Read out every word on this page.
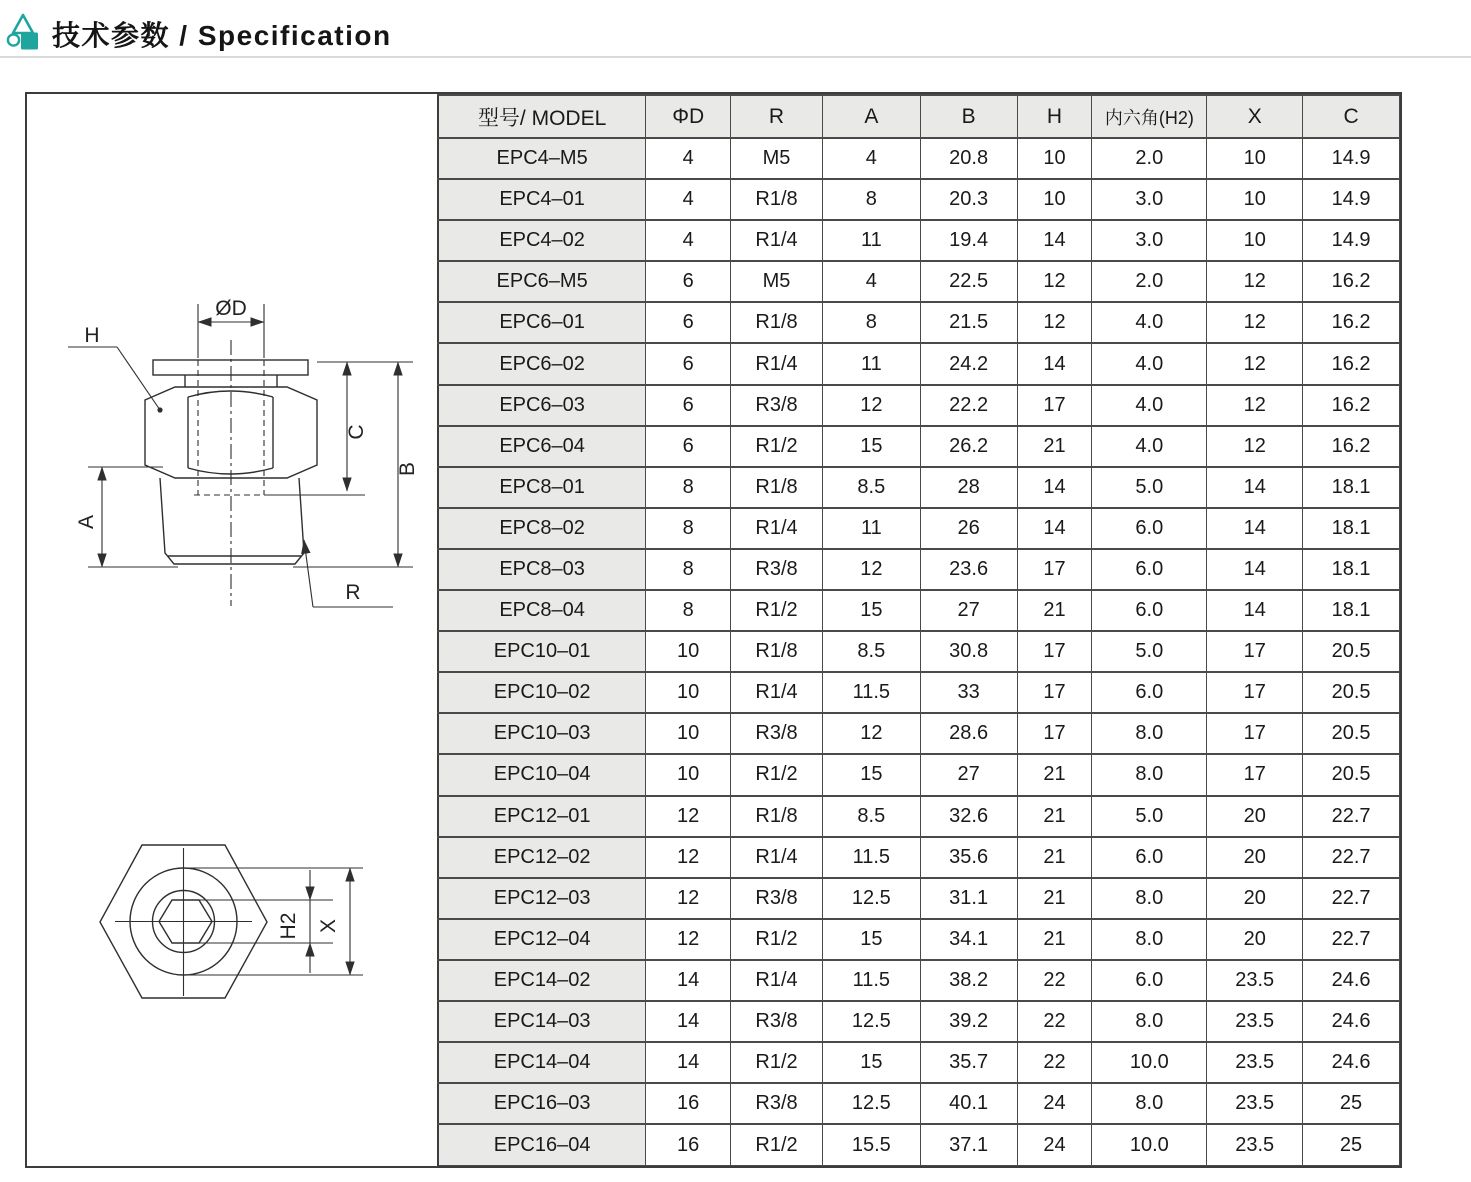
技术参数 / Specification
ØD
A
C
B
H
R
H2 X
型号/ MODEL	ΦD	R	A	B	H	内六角(H2)	X	C
EPC4–M5	4	M5	4	20.8	10	2.0	10	14.9
EPC4–01	4	R1/8	8	20.3	10	3.0	10	14.9
EPC4–02	4	R1/4	11	19.4	14	3.0	10	14.9
EPC6–M5	6	M5	4	22.5	12	2.0	12	16.2
EPC6–01	6	R1/8	8	21.5	12	4.0	12	16.2
EPC6–02	6	R1/4	11	24.2	14	4.0	12	16.2
EPC6–03	6	R3/8	12	22.2	17	4.0	12	16.2
EPC6–04	6	R1/2	15	26.2	21	4.0	12	16.2
EPC8–01	8	R1/8	8.5	28	14	5.0	14	18.1
EPC8–02	8	R1/4	11	26	14	6.0	14	18.1
EPC8–03	8	R3/8	12	23.6	17	6.0	14	18.1
EPC8–04	8	R1/2	15	27	21	6.0	14	18.1
EPC10–01	10	R1/8	8.5	30.8	17	5.0	17	20.5
EPC10–02	10	R1/4	11.5	33	17	6.0	17	20.5
EPC10–03	10	R3/8	12	28.6	17	8.0	17	20.5
EPC10–04	10	R1/2	15	27	21	8.0	17	20.5
EPC12–01	12	R1/8	8.5	32.6	21	5.0	20	22.7
EPC12–02	12	R1/4	11.5	35.6	21	6.0	20	22.7
EPC12–03	12	R3/8	12.5	31.1	21	8.0	20	22.7
EPC12–04	12	R1/2	15	34.1	21	8.0	20	22.7
EPC14–02	14	R1/4	11.5	38.2	22	6.0	23.5	24.6
EPC14–03	14	R3/8	12.5	39.2	22	8.0	23.5	24.6
EPC14–04	14	R1/2	15	35.7	22	10.0	23.5	24.6
EPC16–03	16	R3/8	12.5	40.1	24	8.0	23.5	25
EPC16–04	16	R1/2	15.5	37.1	24	10.0	23.5	25
